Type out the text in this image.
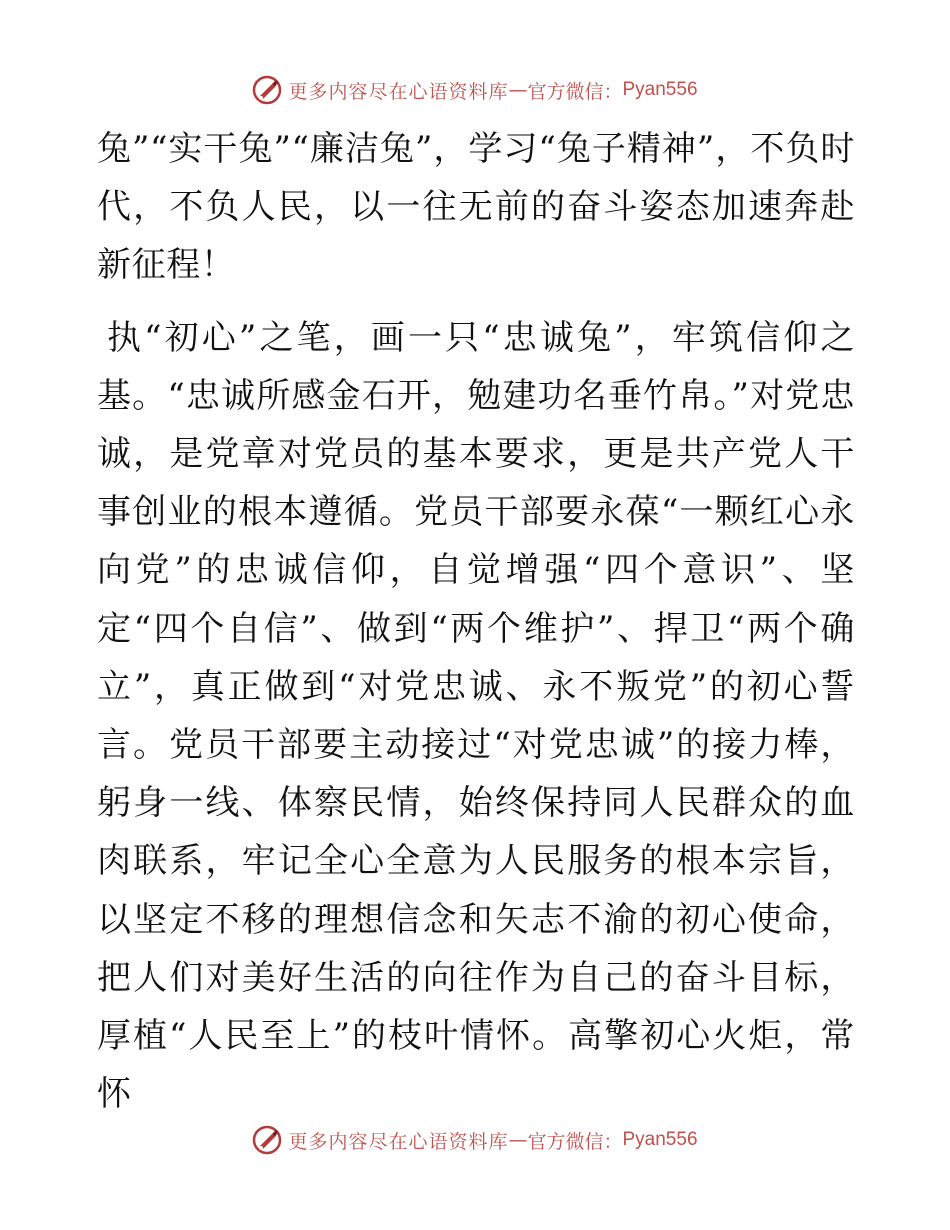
更多内容尽在心语资料库 — 官方微信： Pyan556

兔”“实干兔”“廉洁兔”，学习“兔子精神”，不负时代，不负人民，以一往无前的奋斗姿态加速奔赴新征程！

执“初心”之笔，画一只“忠诚兔”，牢筑信仰之基。“忠诚所感金石开，勉建功名垂竹帛。”对党忠诚，是党章对党员的基本要求，更是共产党人干事创业的根本遵循。党员干部要永葆“一颗红心永向党”的忠诚信仰，自觉增强“四个意识”、坚定“四个自信”、做到“两个维护”、捍卫“两个确立”，真正做到“对党忠诚、永不叛党”的初心誓言。党员干部要主动接过“对党忠诚”的接力棒，躬身一线、体察民情，始终保持同人民群众的血肉联系，牢记全心全意为人民服务的根本宗旨，以坚定不移的理想信念和矢志不渝的初心使命，把人们对美好生活的向往作为自己的奋斗目标，厚植“人民至上”的枝叶情怀。高擎初心火炬，常怀

更多内容尽在心语资料库 — 官方微信： Pyan556
